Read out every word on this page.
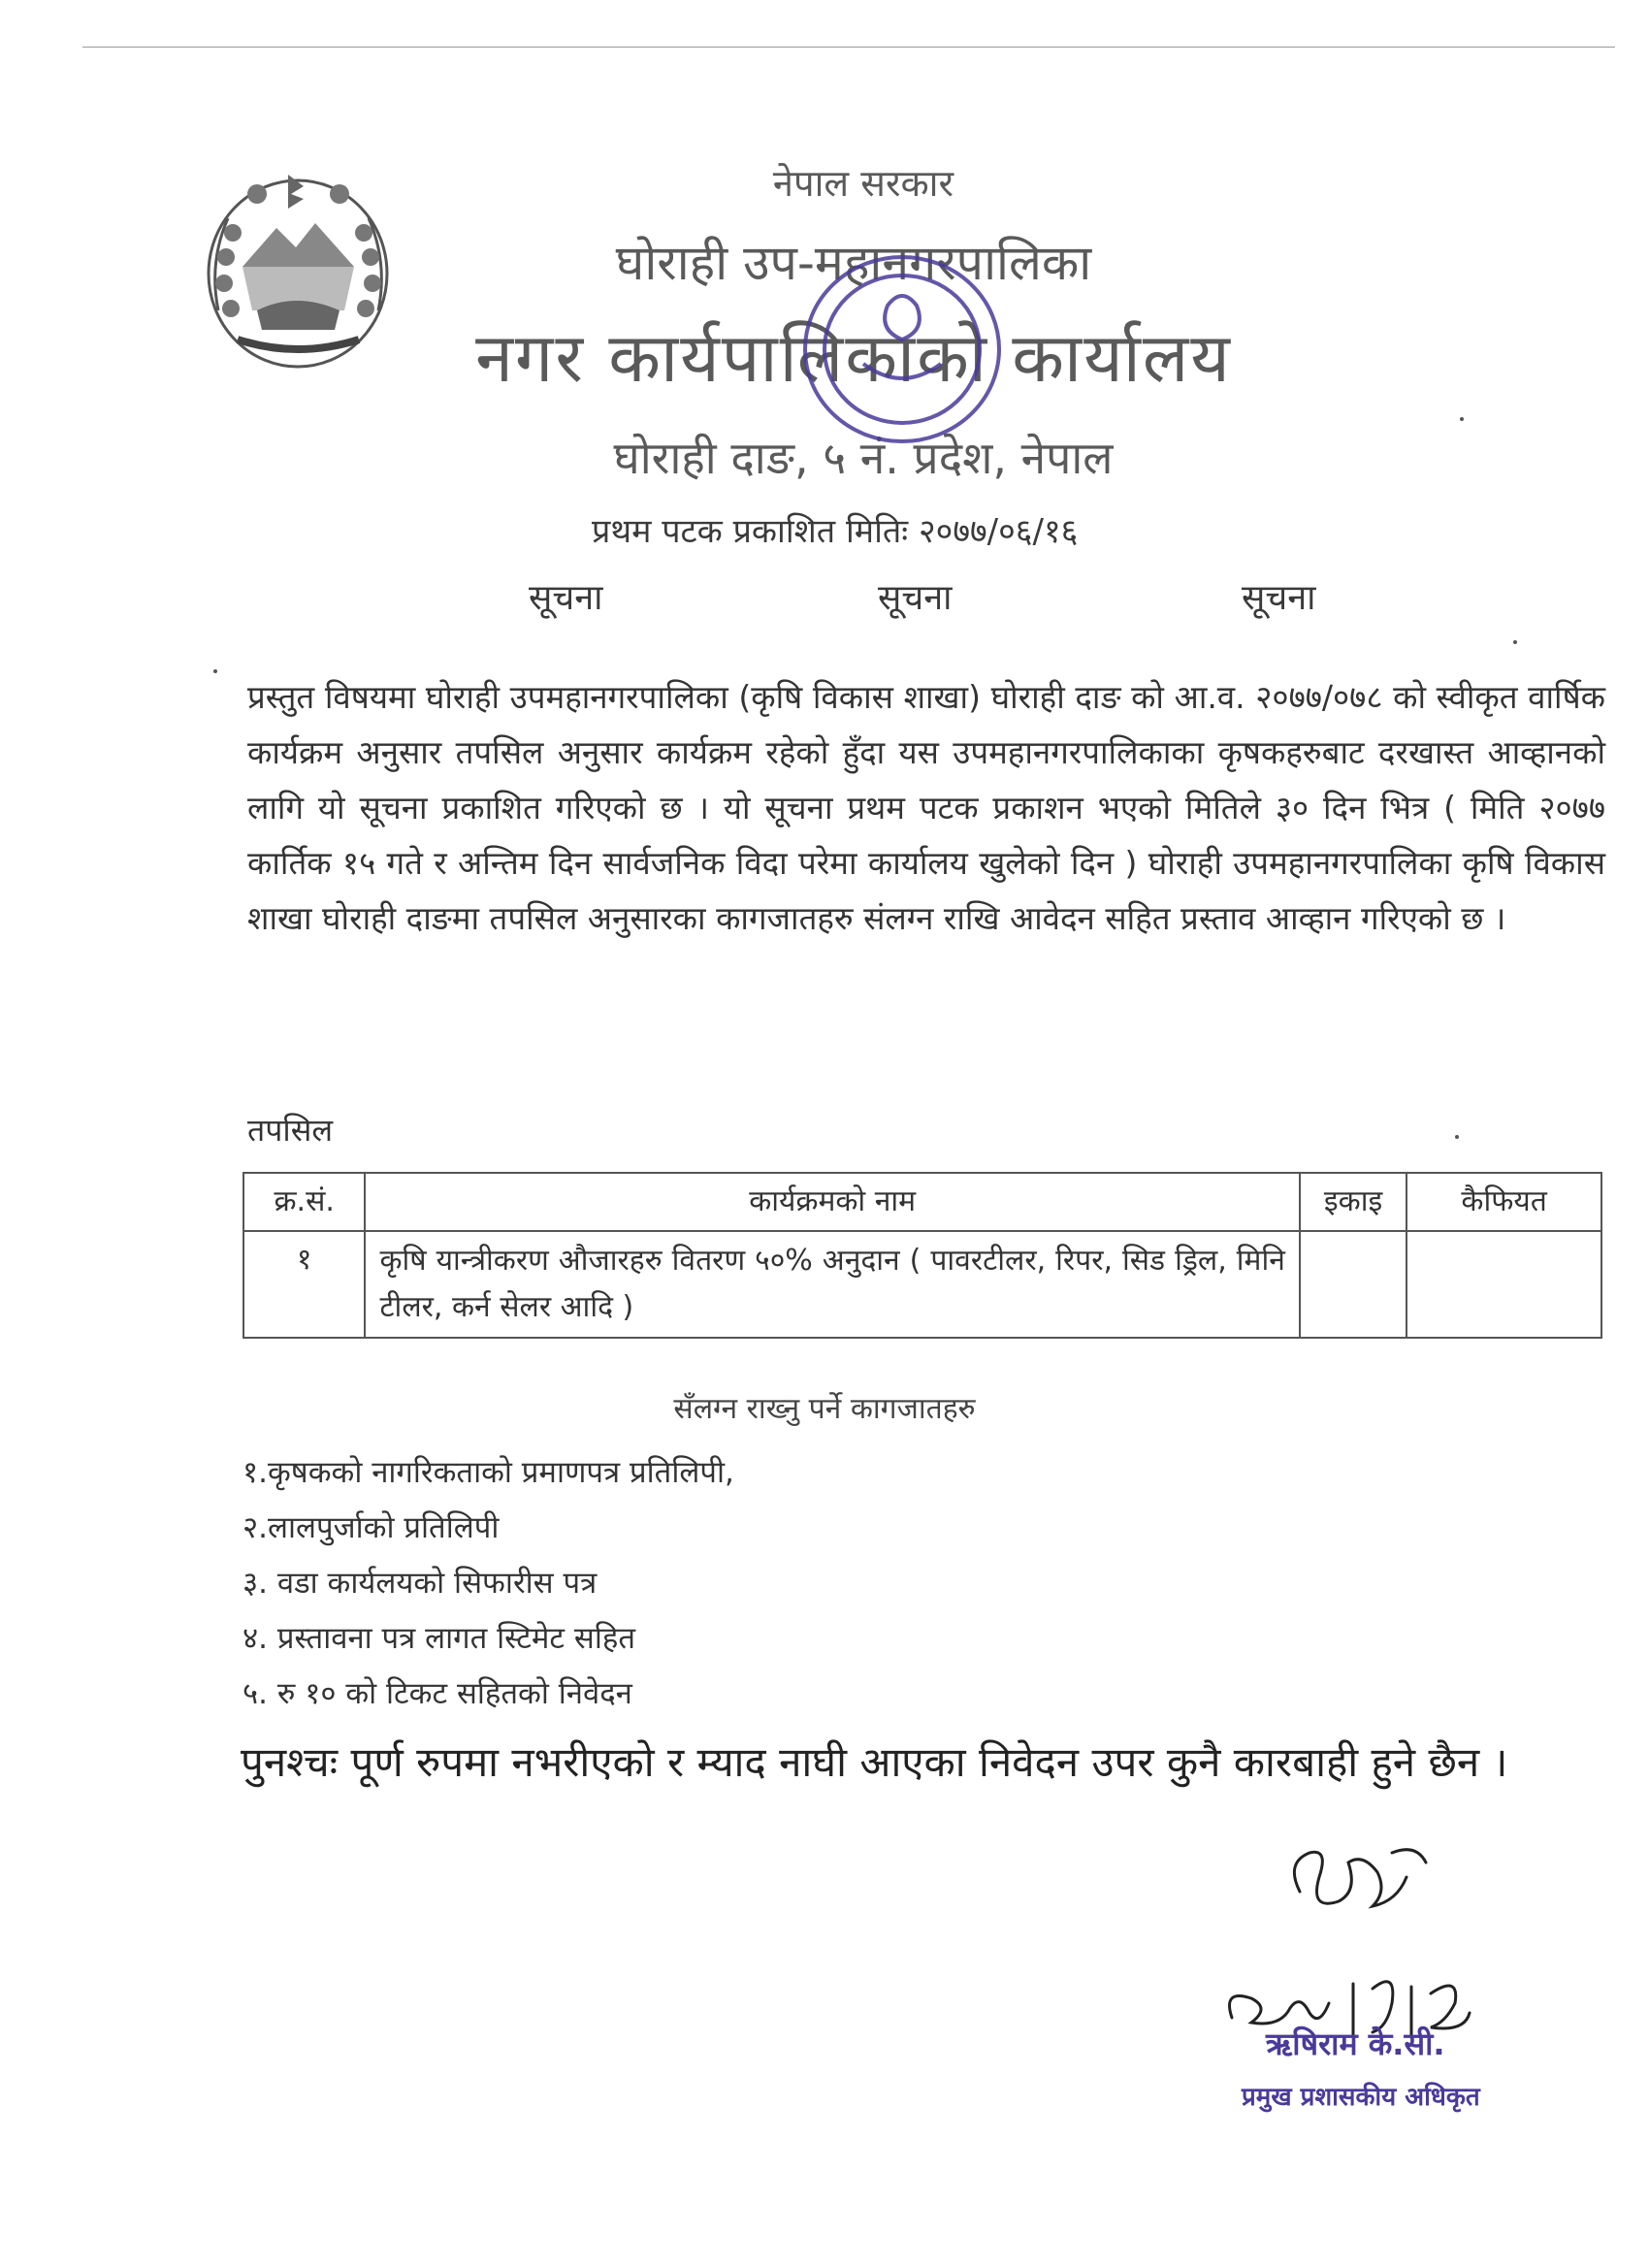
नेपाल सरकार
घोराही उप-महानगरपालिका
नगर कार्यपालिकाको कार्यालय
घोराही दाङ, ५ नं. प्रदेश, नेपाल
प्रथम पटक प्रकाशित मितिः २०७७/०६/१६
सूचना	सूचना	सूचना
प्रस्तुत विषयमा घोराही उपमहानगरपालिका (कृषि विकास शाखा) घोराही दाङ को आ.व. २०७७/०७८ को स्वीकृत वार्षिक कार्यक्रम अनुसार तपसिल अनुसार कार्यक्रम रहेको हुँदा यस उपमहानगरपालिकाका कृषकहरुबाट दरखास्त आव्हानको लागि यो सूचना प्रकाशित गरिएको छ । यो सूचना प्रथम पटक प्रकाशन भएको मितिले ३० दिन भित्र ( मिति २०७७ कार्तिक १५ गते र अन्तिम दिन सार्वजनिक विदा परेमा कार्यालय खुलेको दिन ) घोराही उपमहानगरपालिका कृषि विकास शाखा घोराही दाङमा तपसिल अनुसारका कागजातहरु संलग्न राखि आवेदन सहित प्रस्ताव आव्हान गरिएको छ ।
तपसिल
क्र.सं.	कार्यक्रमको नाम	इकाइ	कैफियत
१	कृषि यान्त्रीकरण औजारहरु वितरण ५०% अनुदान ( पावरटीलर, रिपर, सिड ड्रिल, मिनि टीलर, कर्न सेलर आदि )		
सँलग्न राख्नु पर्ने कागजातहरु
१.कृषकको नागरिकताको प्रमाणपत्र प्रतिलिपी,
२.लालपुर्जाको प्रतिलिपी
३. वडा कार्यलयको सिफारीस पत्र
४. प्रस्तावना पत्र लागत स्टिमेट सहित
५. रु १० को टिकट सहितको निवेदन
पुनश्चः पूर्ण रुपमा नभरीएको र म्याद नाघी आएका निवेदन उपर कुनै कारबाही हुने छैन ।
ऋषिराम के.सी.
प्रमुख प्रशासकीय अधिकृत
